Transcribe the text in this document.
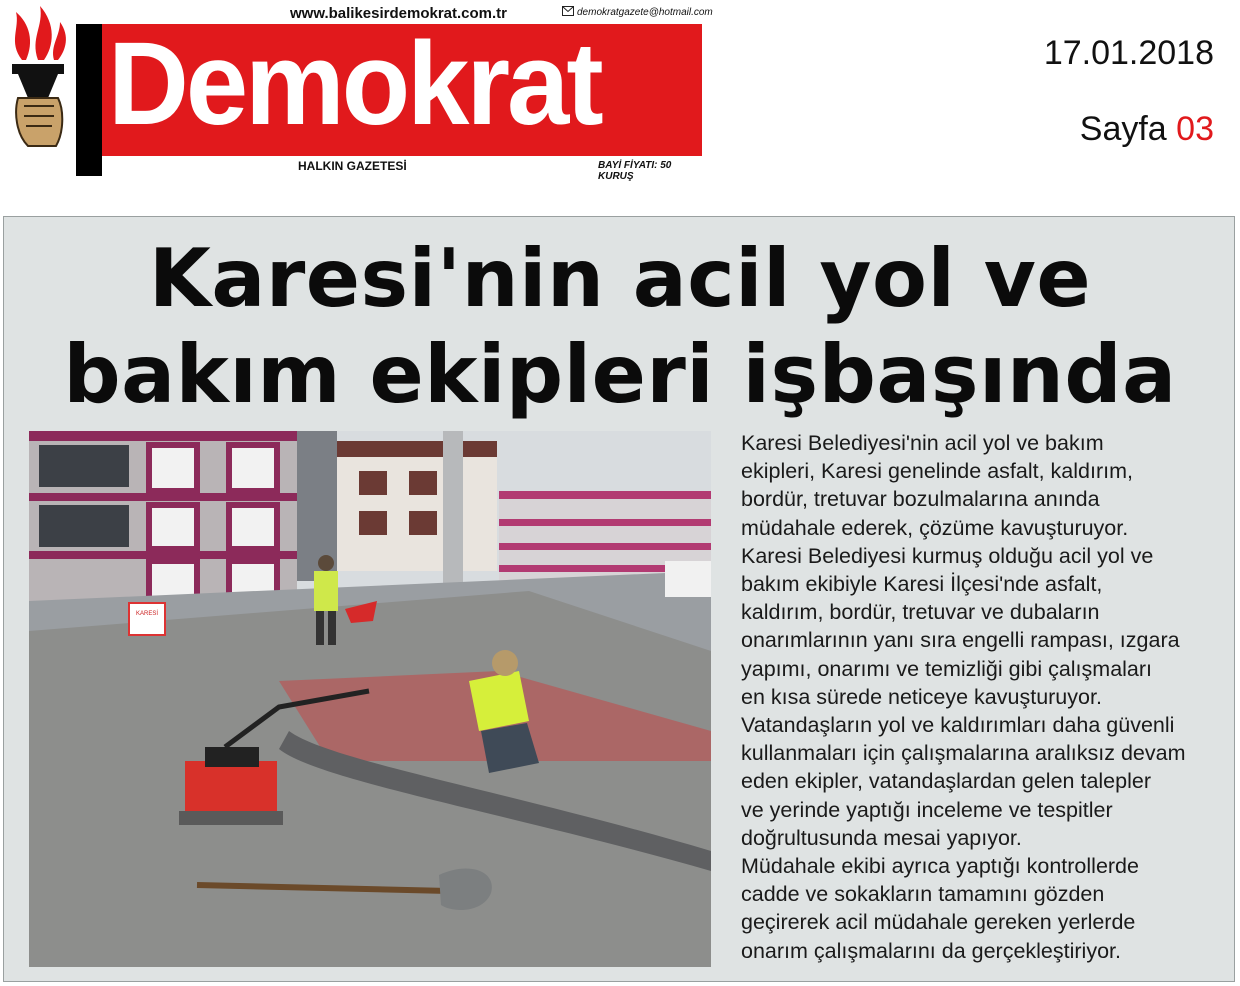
BALIKESİR	www.balikesirdemokrat.com.tr	demokratgazete@hotmail.com
Demokrat
HALKIN GAZETESİ	BAYİ FİYATI: 50 KURUŞ
17.01.2018
Sayfa 03
Karesi'nin acil yol ve
bakım ekipleri işbaşında
KARESİ
Karesi Belediyesi'nin acil yol ve bakım
ekipleri, Karesi genelinde asfalt, kaldırım,
bordür, tretuvar bozulmalarına anında
müdahale ederek, çözüme kavuşturuyor.
Karesi Belediyesi kurmuş olduğu acil yol ve
bakım ekibiyle Karesi İlçesi'nde asfalt,
kaldırım, bordür, tretuvar ve dubaların
onarımlarının yanı sıra engelli rampası, ızgara
yapımı, onarımı ve temizliği gibi çalışmaları
en kısa sürede neticeye kavuşturuyor.
Vatandaşların yol ve kaldırımları daha güvenli
kullanmaları için çalışmalarına aralıksız devam
eden ekipler, vatandaşlardan gelen talepler
ve yerinde yaptığı inceleme ve tespitler
doğrultusunda mesai yapıyor.
Müdahale ekibi ayrıca yaptığı kontrollerde
cadde ve sokakların tamamını gözden
geçirerek acil müdahale gereken yerlerde
onarım çalışmalarını da gerçekleştiriyor.
